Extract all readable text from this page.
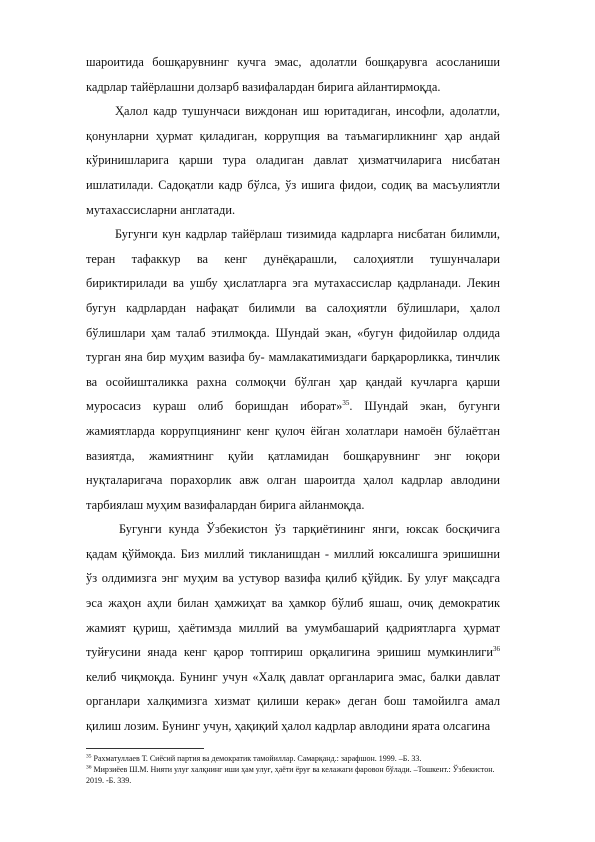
шароитида бошқарувнинг кучга эмас, адолатли бошқарувга асосланиши кадрлар тайёрлашни долзарб вазифалардан бирига айлантирмоқда.

Ҳалол кадр тушунчаси виждонан иш юритадиган, инсофли, адолатли, қонунларни ҳурмат қиладиган, коррупция ва таъмагирликнинг ҳар андай кўринишларига қарши тура оладиган давлат ҳизматчиларига нисбатан ишлатилади. Садоқатли кадр бўлса, ўз ишига фидои, содиқ ва масъулиятли мутахассисларни англатади.

Бугунги кун кадрлар тайёрлаш тизимида кадрларга нисбатан билимли, теран тафаккур ва кенг дунёқарашли, салоҳиятли тушунчалари бириктирилади ва ушбу ҳислатларга эга мутахассислар қадрланади. Лекин бугун кадрлардан нафақат билимли ва салоҳиятли бўлишлари, ҳалол бўлишлари ҳам талаб этилмоқда. Шундай экан, «бугун фидойилар олдида турган яна бир муҳим вазифа бу- мамлакатимиздаги барқарорликка, тинчлик ва осойишталикка рахна солмоқчи бўлган ҳар қандай кучларга қарши муросасиз кураш олиб боришдан иборат»$^{35}$. Шундай экан, бугунги жамиятларда коррупциянинг кенг қулоч ёйган холатлари намоён бўлаётган вазиятда, жамиятнинг қуйи қатламидан бошқарувнинг энг юқори нуқталаригача порахорлик авж олган шароитда ҳалол кадрлар авлодини тарбиялаш муҳим вазифалардан бирига айланмоқда.

Бугунги кунда Ўзбекистон ўз тарқиётининг янги, юксак босқичига қадам қўймоқда. Биз миллий тикланишдан - миллий юксалишга эришишни ўз олдимизга энг муҳим ва устувор вазифа қилиб қўйдик. Бу улуғ мақсадга эса жаҳон аҳли билан ҳамжиҳат ва ҳамкор бўлиб яшаш, очиқ демократик жамият қуриш, ҳаётимзда миллий ва умумбашарий қадриятларга ҳурмат туйғусини янада кенг қарор топтириш орқалигина эришиш мумкинлиги$^{36}$ келиб чиқмоқда. Бунинг учун «Халқ давлат органларига эмас, балки давлат органлари халқимизга хизмат қилиши керак» деган бош тамойилга амал қилиш лозим. Бунинг учун, ҳақиқий ҳалол кадрлар авлодини ярата олсагина

$^{35}$ Рахматуллаев Т. Сиёсий партия ва демократик тамойиллар. Самарқанд.: зарафшон. 1999. –Б. 33.

$^{36}$ Мирзиёев Ш.М. Нияти улуғ халқнинг иши ҳам улуғ, ҳаёти ёруғ ва келажаги фаровон бўлади. –Тошкент.: Ўзбекистон. 2019. -Б. 339.
